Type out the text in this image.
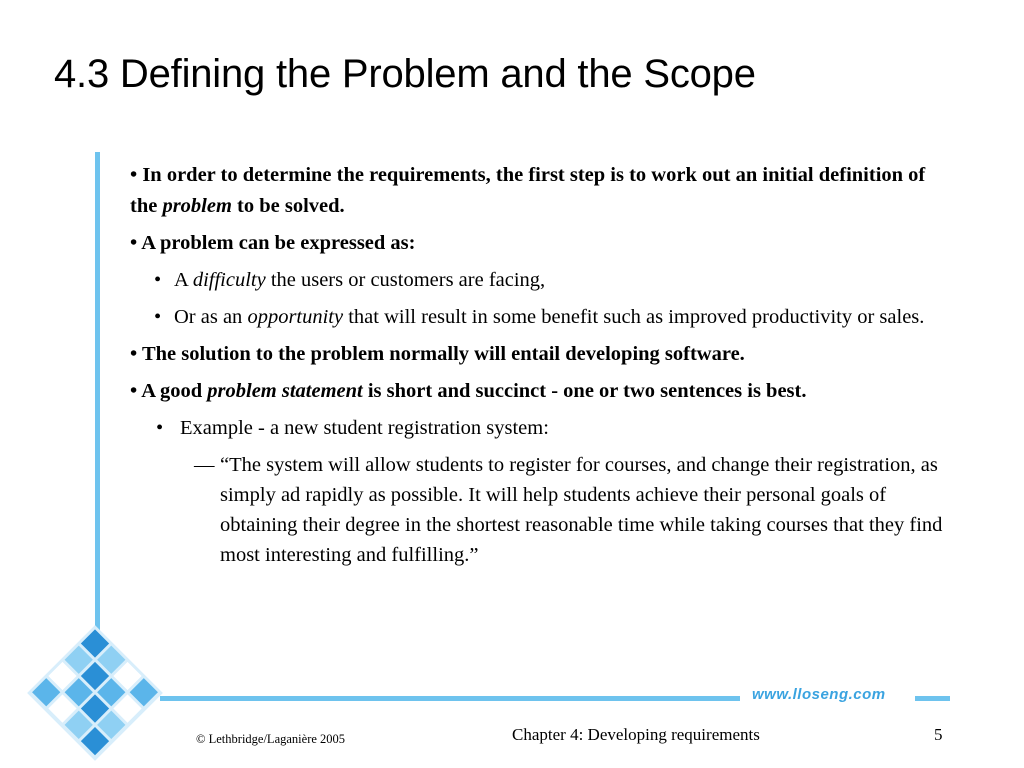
4.3 Defining the Problem and the Scope
www.lloseng.com
• In order to determine the requirements, the first step is to work out an initial definition of the problem to be solved.
• A problem can be expressed as:
• A difficulty the users or customers are facing,
• Or as an opportunity that will result in some benefit such as improved productivity or sales.
• The solution to the problem normally will entail developing software.
• A good problem statement is short and succinct - one or two sentences is best.
• Example - a new student registration system:
— “The system will allow students to register for courses, and change their registration, as simply ad rapidly as possible. It will help students achieve their personal goals of obtaining their degree in the shortest reasonable time while taking courses that they find most interesting and fulfilling.”
© Lethbridge/Laganière 2005	Chapter 4: Developing requirements	5
